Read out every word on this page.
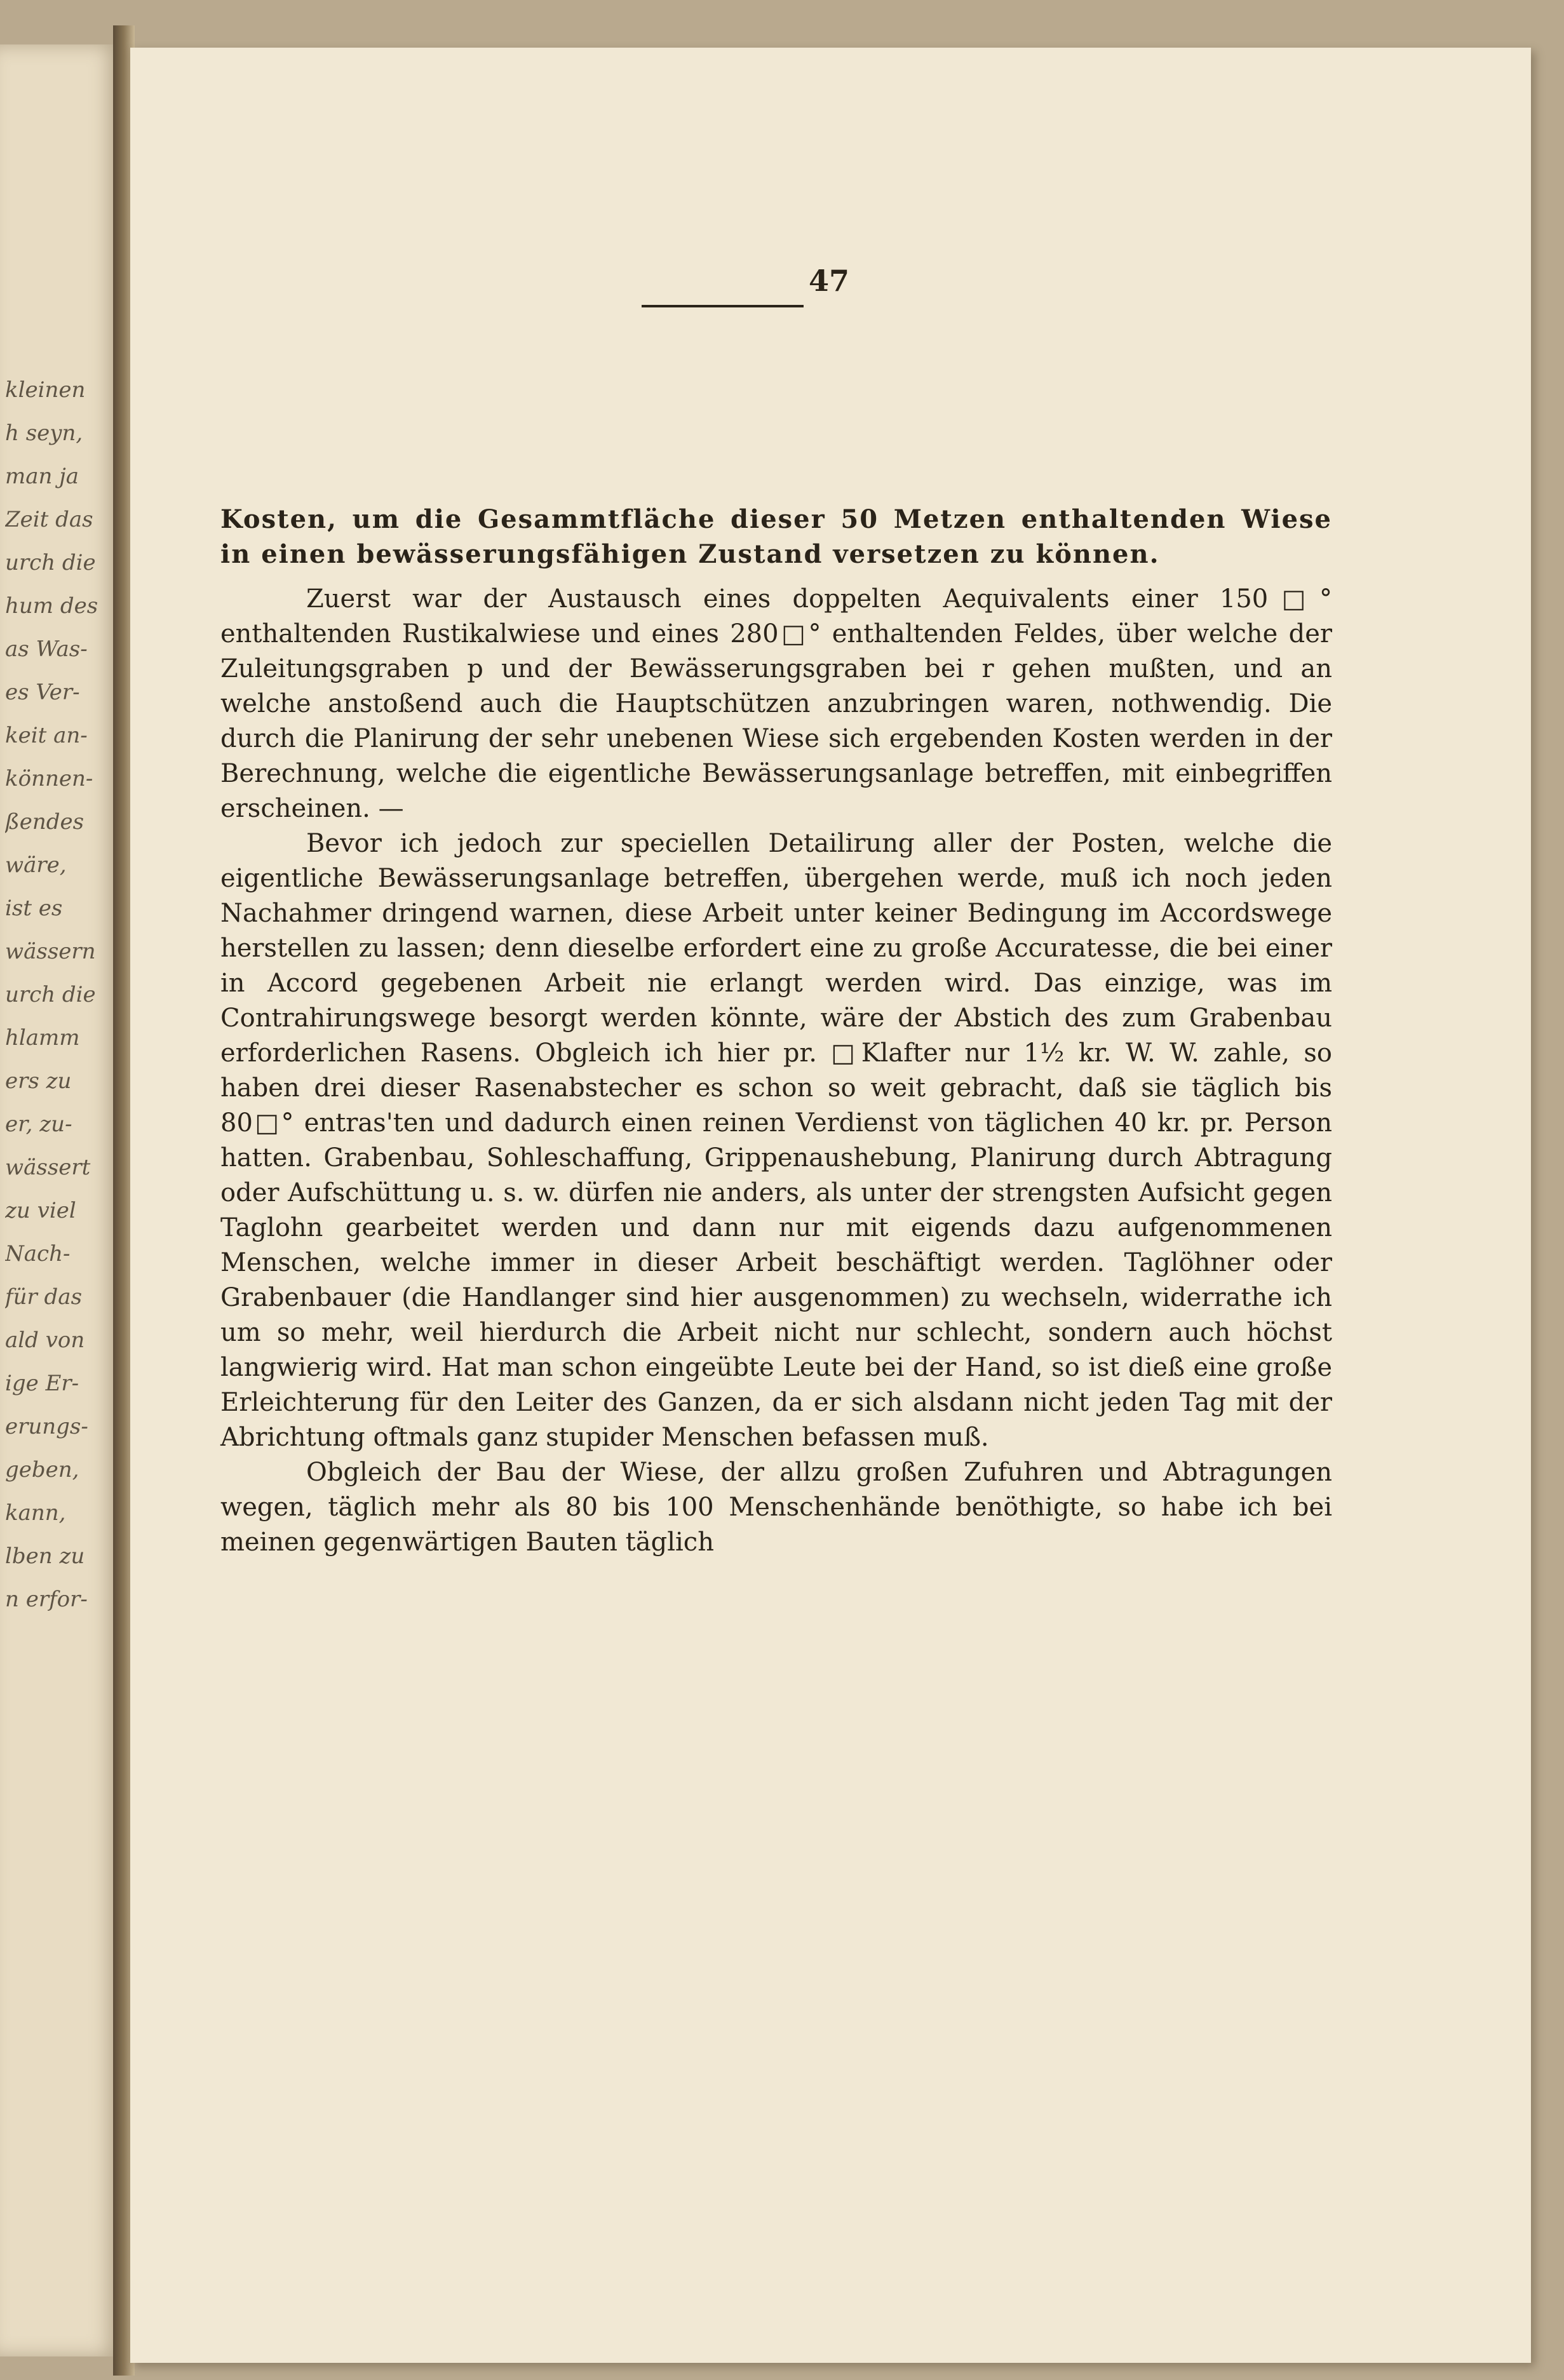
kleinen
h seyn,
man ja
Zeit das
urch die
hum des
as Was-
es Ver-
keit an-
können-
ßendes
wäre,
ist es
wässern
urch die
hlamm
ers zu
er, zu-
wässert
zu viel
Nach-
für das
ald von
ige Er-
erungs-
geben,
kann,
lben zu
n erfor-
47

Kosten, um die Gesammtfläche dieser 50 Metzen enthaltenden Wiese in einen bewässerungsfähigen Zustand versetzen zu können.

Zuerst war der Austausch eines doppelten Aequivalents einer 150□° enthaltenden Rustikalwiese und eines 280□° enthaltenden Feldes, über welche der Zuleitungsgraben p und der Bewässerungsgraben bei r gehen mußten, und an welche anstoßend auch die Hauptschützen anzubringen waren, nothwendig. Die durch die Planirung der sehr unebenen Wiese sich ergebenden Kosten werden in der Berechnung, welche die eigentliche Bewässerungsanlage betreffen, mit einbegriffen erscheinen. —

Bevor ich jedoch zur speciellen Detailirung aller der Posten, welche die eigentliche Bewässerungsanlage betreffen, übergehen werde, muß ich noch jeden Nachahmer dringend warnen, diese Arbeit unter keiner Bedingung im Accordswege herstellen zu lassen; denn dieselbe erfordert eine zu große Accuratesse, die bei einer in Accord gegebenen Arbeit nie erlangt werden wird. Das einzige, was im Contrahirungswege besorgt werden könnte, wäre der Abstich des zum Grabenbau erforderlichen Rasens. Obgleich ich hier pr. □Klafter nur 1½ kr. W. W. zahle, so haben drei dieser Rasenabstecher es schon so weit gebracht, daß sie täglich bis 80□° entras'ten und dadurch einen reinen Verdienst von täglichen 40 kr. pr. Person hatten. Grabenbau, Sohleschaffung, Grippenaushebung, Planirung durch Abtragung oder Aufschüttung u. s. w. dürfen nie anders, als unter der strengsten Aufsicht gegen Taglohn gearbeitet werden und dann nur mit eigends dazu aufgenommenen Menschen, welche immer in dieser Arbeit beschäftigt werden. Taglöhner oder Grabenbauer (die Handlanger sind hier ausgenommen) zu wechseln, widerrathe ich um so mehr, weil hierdurch die Arbeit nicht nur schlecht, sondern auch höchst langwierig wird. Hat man schon eingeübte Leute bei der Hand, so ist dieß eine große Erleichterung für den Leiter des Ganzen, da er sich alsdann nicht jeden Tag mit der Abrichtung oftmals ganz stupider Menschen befassen muß.

Obgleich der Bau der Wiese, der allzu großen Zufuhren und Abtragungen wegen, täglich mehr als 80 bis 100 Menschenhände benöthigte, so habe ich bei meinen gegenwärtigen Bauten täglich
